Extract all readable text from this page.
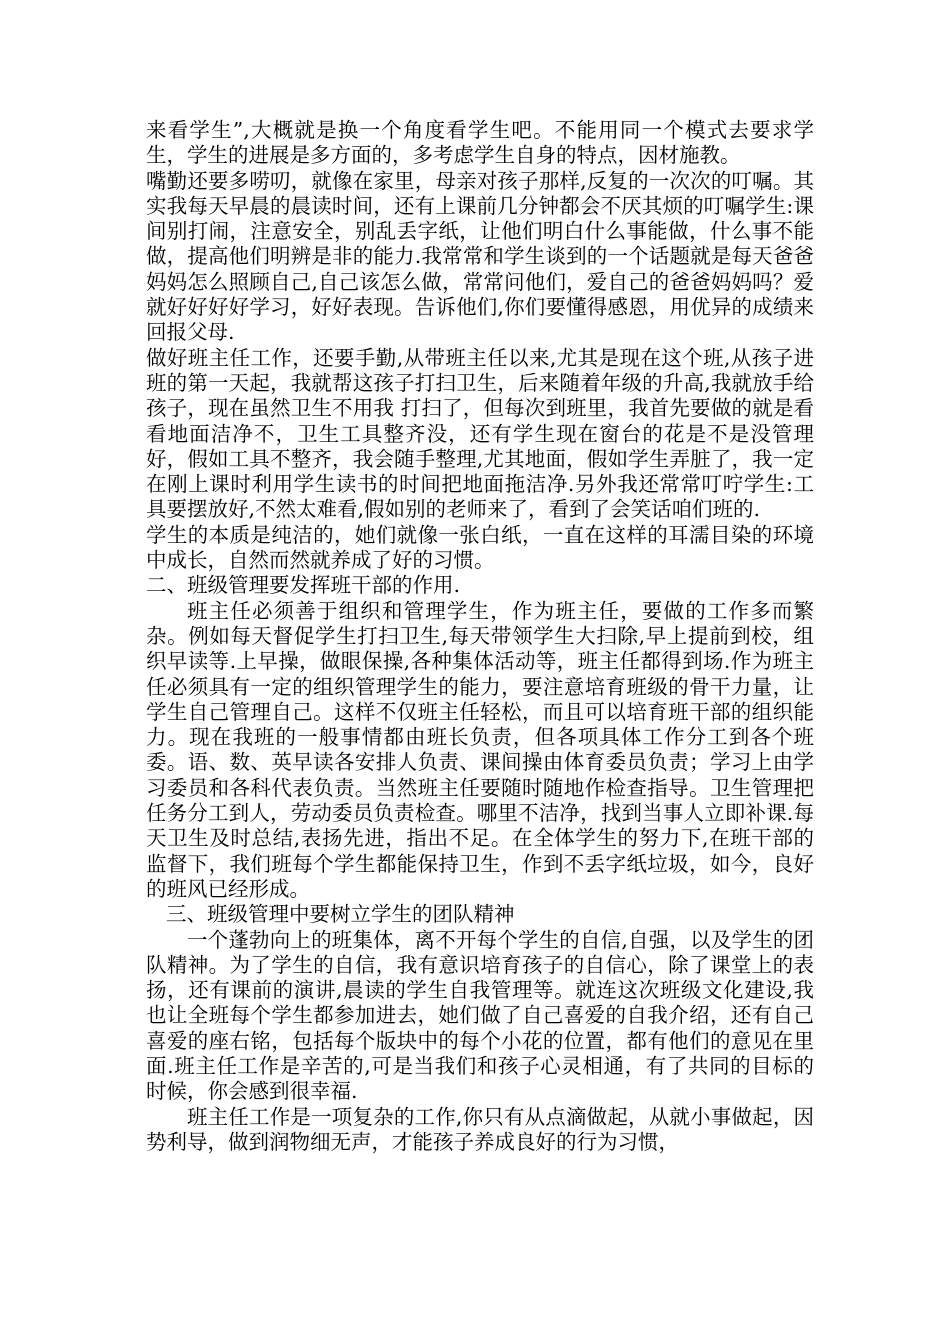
来看学生”,大概就是换一个角度看学生吧。不能用同一个模式去要求学生，学生的进展是多方面的，多考虑学生自身的特点，因材施教。

嘴勤还要多唠叨，就像在家里，母亲对孩子那样,反复的一次次的叮嘱。其实我每天早晨的晨读时间，还有上课前几分钟都会不厌其烦的叮嘱学生:课间别打闹，注意安全，别乱丢字纸，让他们明白什么事能做，什么事不能做，提高他们明辨是非的能力.我常常和学生谈到的一个话题就是每天爸爸妈妈怎么照顾自己,自己该怎么做，常常问他们，爱自己的爸爸妈妈吗？爱就好好好好学习，好好表现。告诉他们,你们要懂得感恩，用优异的成绩来回报父母.

做好班主任工作，还要手勤,从带班主任以来,尤其是现在这个班,从孩子进班的第一天起，我就帮这孩子打扫卫生，后来随着年级的升高,我就放手给孩子，现在虽然卫生不用我 打扫了，但每次到班里，我首先要做的就是看看地面洁净不，卫生工具整齐没，还有学生现在窗台的花是不是没管理好，假如工具不整齐，我会随手整理,尤其地面，假如学生弄脏了，我一定在刚上课时利用学生读书的时间把地面拖洁净.另外我还常常叮咛学生:工具要摆放好,不然太难看,假如别的老师来了，看到了会笑话咱们班的.

学生的本质是纯洁的，她们就像一张白纸，一直在这样的耳濡目染的环境中成长，自然而然就养成了好的习惯。

二、班级管理要发挥班干部的作用.

班主任必须善于组织和管理学生，作为班主任，要做的工作多而繁杂。例如每天督促学生打扫卫生,每天带领学生大扫除,早上提前到校，组织早读等.上早操，做眼保操,各种集体活动等，班主任都得到场.作为班主任必须具有一定的组织管理学生的能力，要注意培育班级的骨干力量，让学生自己管理自己。这样不仅班主任轻松，而且可以培育班干部的组织能力。现在我班的一般事情都由班长负责，但各项具体工作分工到各个班委。语、数、英早读各安排人负责、课间操由体育委员负责；学习上由学习委员和各科代表负责。当然班主任要随时随地作检查指导。卫生管理把任务分工到人，劳动委员负责检查。哪里不洁净，找到当事人立即补课.每天卫生及时总结,表扬先进，指出不足。在全体学生的努力下,在班干部的监督下，我们班每个学生都能保持卫生，作到不丢字纸垃圾，如今，良好的班风已经形成。

三、班级管理中要树立学生的团队精神

一个蓬勃向上的班集体，离不开每个学生的自信,自强，以及学生的团队精神。为了学生的自信，我有意识培育孩子的自信心，除了课堂上的表扬，还有课前的演讲,晨读的学生自我管理等。就连这次班级文化建设,我也让全班每个学生都参加进去，她们做了自己喜爱的自我介绍，还有自己喜爱的座右铭，包括每个版块中的每个小花的位置，都有他们的意见在里面.班主任工作是辛苦的,可是当我们和孩子心灵相通，有了共同的目标的时候，你会感到很幸福.

班主任工作是一项复杂的工作,你只有从点滴做起，从就小事做起，因势利导，做到润物细无声，才能孩子养成良好的行为习惯，
